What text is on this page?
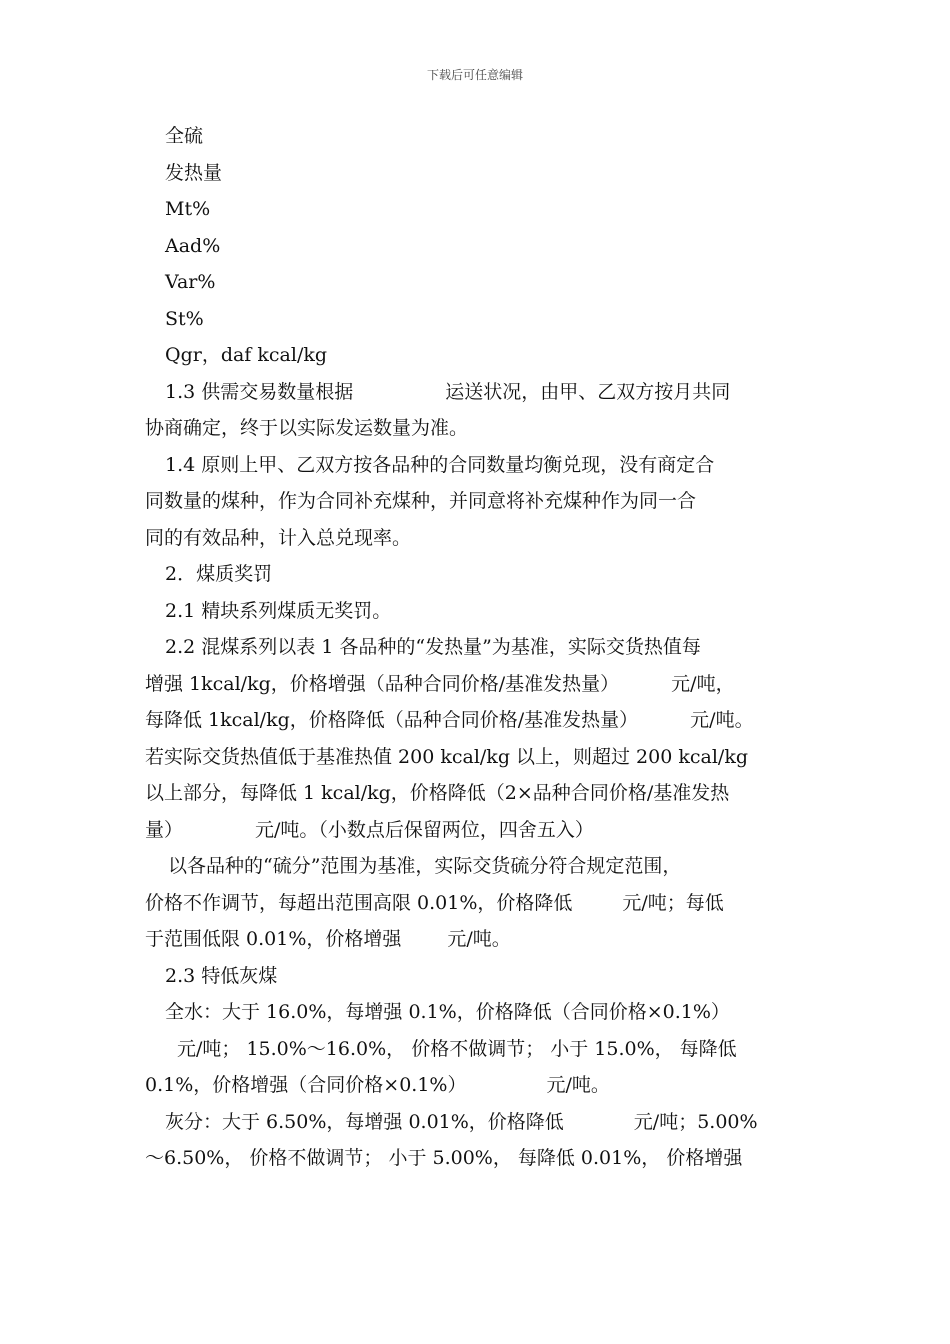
下载后可任意编辑
全硫
发热量
Mt%
Aad%
Var%
St%
Qgr，daf kcal/kg
1.3 供需交易数量根据	运送状况，由甲、乙双方按月共同
协商确定，终于以实际发运数量为准。
1.4 原则上甲、乙双方按各品种的合同数量均衡兑现，没有商定合
同数量的煤种，作为合同补充煤种，并同意将补充煤种作为同一合
同的有效品种，计入总兑现率。
2．煤质奖罚
2.1 精块系列煤质无奖罚。
2.2 混煤系列以表 1 各品种的“发热量”为基准，实际交货热值每
增强 1kcal/kg，价格增强（品种合同价格/基准发热量）	元/吨，
每降低 1kcal/kg，价格降低（品种合同价格/基准发热量）	元/吨。
若实际交货热值低于基准热值 200 kcal/kg 以上，则超过 200 kcal/kg
以上部分，每降低 1 kcal/kg，价格降低（2×品种合同价格/基准发热
量）	元/吨。（小数点后保留两位，四舍五入）
以各品种的“硫分”范围为基准，实际交货硫分符合规定范围，
价格不作调节，每超出范围高限 0.01%，价格降低	元/吨；每低
于范围低限 0.01%，价格增强 元/吨。
2.3 特低灰煤
全水：大于 16.0%，每增强 0.1%，价格降低（合同价格×0.1%）
元/吨； 15.0%～16.0%， 价格不做调节； 小于 15.0%， 每降低
0.1%，价格增强（合同价格×0.1%）	元/吨。
灰分：大于 6.50%，每增强 0.01%，价格降低	元/吨；5.00%
～6.50%， 价格不做调节； 小于 5.00%， 每降低 0.01%， 价格增强
